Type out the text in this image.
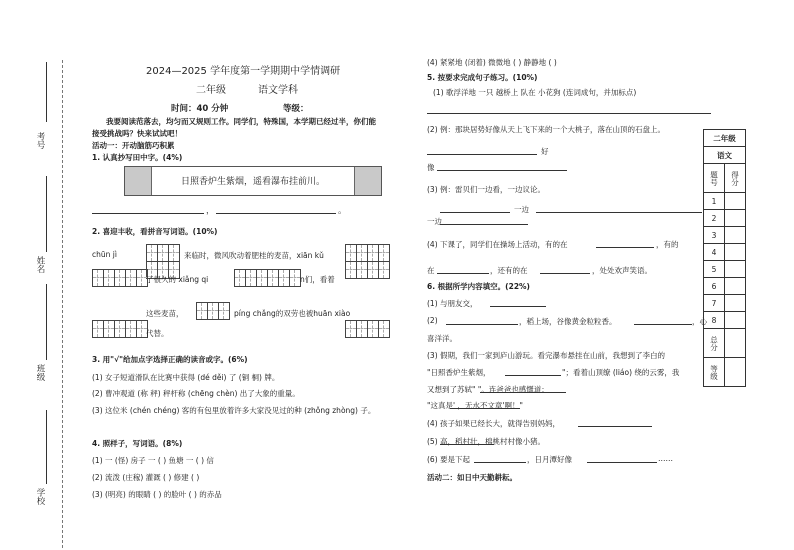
考号
姓名
班级
学校
2024—2025 学年度第一学期期中学情调研
二年级	语文学科
时间：40 分钟	等级：
我要阅读范落去，均匀而又规则工作。同学们，特殊国，本学期已经过半，你们能
接受挑战吗？快来试试吧！
活动一：开动脑筋巧积累
1. 认真抄写田中字。(4%)
日照香炉生紫烟，遥看瀑布挂前川。
，	。
2. 喜迎丰收，看拼音写词语。(10%)
chūn jì	来临时，微风吹动着肥桂的麦苗，xiān kǔ
了很久的 xiǎng qi	n们，看着
这些麦苗，	píng chǎng的双劳也被huān xiào
代替。
3. 用"√"给加点字选择正确的读音或字。(6%)
(1) 女子短道滑队在比赛中获得 (dé děi) 了 (铜 桐) 牌。
(2) 曹冲观道 (称 秤) 秤杆称 (chēng chèn) 出了大象的重量。
(3) 这位米 (chén chéng) 客的有包里放着许多大家没见过的种 (zhǒng zhòng) 子。
4. 照样子，写词语。(8%)
(1) 一 (怪) 房子 一 ( ) 鱼塘 一 ( ) 信
(2) 流泼 (庄稼) 灌溉 ( ) 修建 ( )
(3) (明亮) 的眼睛 ( ) 的脸叶 ( ) 的赤品
(4) 紧紧地 (闭着) 微微地 ( ) 静静地 ( )
5. 按要求完成句子练习。(10%)
(1) 歌浮洋地 一只 越桥上 队在 小花狗 (连词成句，并加标点)
(2) 例：那块居势好像从天上飞下来的一个大桃子，落在山顶的石盘上。
好
像
(3) 例：雷贝们一边看，一边议论。
一边
一边
(4) 下课了，同学们在操场上活动，有的在	，有的
在	，还有的在	，处处欢声笑语。
6. 根据所学内容填空。(22%)
(1) 与朋友交，
(2)	，稻上场，谷像黄金粒粒香。	，心
喜洋洋。
(3) 假期，我们一家到庐山游玩。看完瀑布悬挂在山前，我想到了李白的
"日照香炉生紫烟，	"；看着山顶缭 (liáo) 绕的云雾，我
又想到了苏轼" "。连爸爸也感慨道：
"这真是' ，无水不文章'啊！"
(4) 孩子如果已经长大，就得告别妈妈，
(5) 高，稻村壮，棉桃村村像小猪。
(6) 要是下起	，日月潭好像	……
活动二：如日中天勤耕耘。
二年级	
语文	
题号	得分
1	
2	
3	
4	
5	
6	
7	
8	
总分	
等级	
